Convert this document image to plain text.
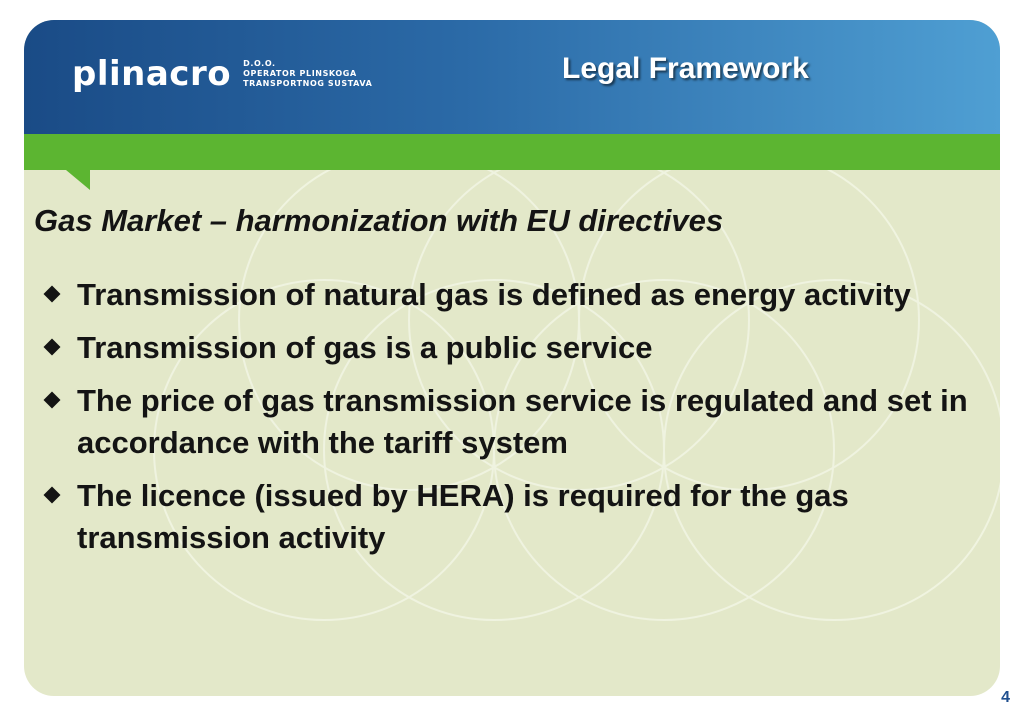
plinacro D.O.O.
OPERATOR PLINSKOGA
TRANSPORTNOG SUSTAVA	Legal Framework
Gas Market – harmonization with EU directives
Transmission of natural gas is defined as energy activity
Transmission of gas is a public service
The price of gas transmission service is regulated and set in accordance with the tariff system
The licence (issued by HERA) is required for the gas transmission activity
4
